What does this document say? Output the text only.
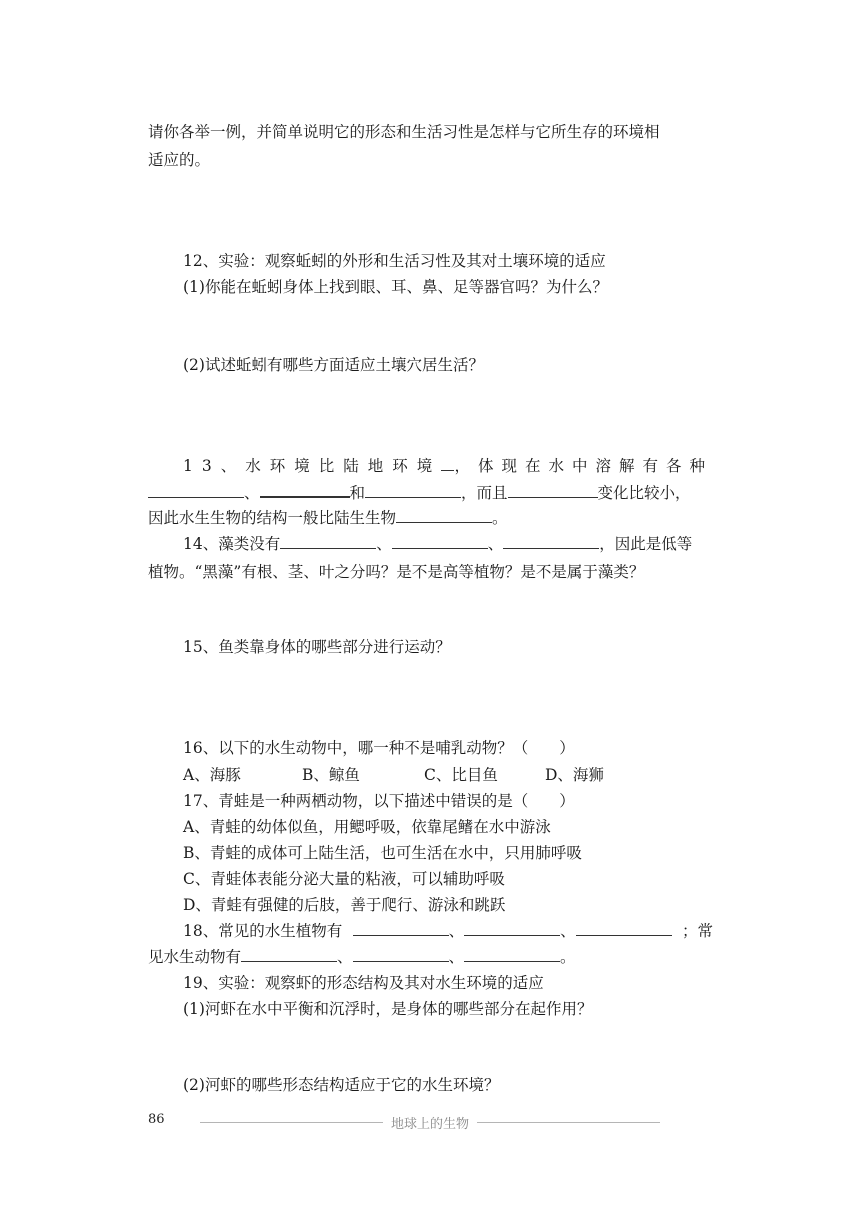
请你各举一例，并简单说明它的形态和生活习性是怎样与它所生存的环境相
适应的。
12、实验：观察蚯蚓的外形和生活习性及其对土壤环境的适应
(1)你能在蚯蚓身体上找到眼、耳、鼻、足等器官吗？为什么？
(2)试述蚯蚓有哪些方面适应土壤穴居生活？
13、水环境比陆地环境 ，体现在水中溶解有各种
、	和	，而且	变化比较小，
因此水生生物的结构一般比陆生生物	。
14、藻类没有	、	、	，因此是低等
植物。“黑藻”有根、茎、叶之分吗？是不是高等植物？是不是属于藻类？
15、鱼类靠身体的哪些部分进行运动？
16、以下的水生动物中，哪一种不是哺乳动物？（　　）
A、海豚	B、鲸鱼	C、比目鱼	D、海狮
17、青蛙是一种两栖动物，以下描述中错误的是（　　）
A、青蛙的幼体似鱼，用鳃呼吸，依靠尾鳍在水中游泳
B、青蛙的成体可上陆生活，也可生活在水中，只用肺呼吸
C、青蛙体表能分泌大量的粘液，可以辅助呼吸
D、青蛙有强健的后肢，善于爬行、游泳和跳跃
18、常见的水生植物有	、	、	；常
见水生动物有	、	、	。
19、实验：观察虾的形态结构及其对水生环境的适应
(1)河虾在水中平衡和沉浮时，是身体的哪些部分在起作用？
(2)河虾的哪些形态结构适应于它的水生环境？
86	地球上的生物
